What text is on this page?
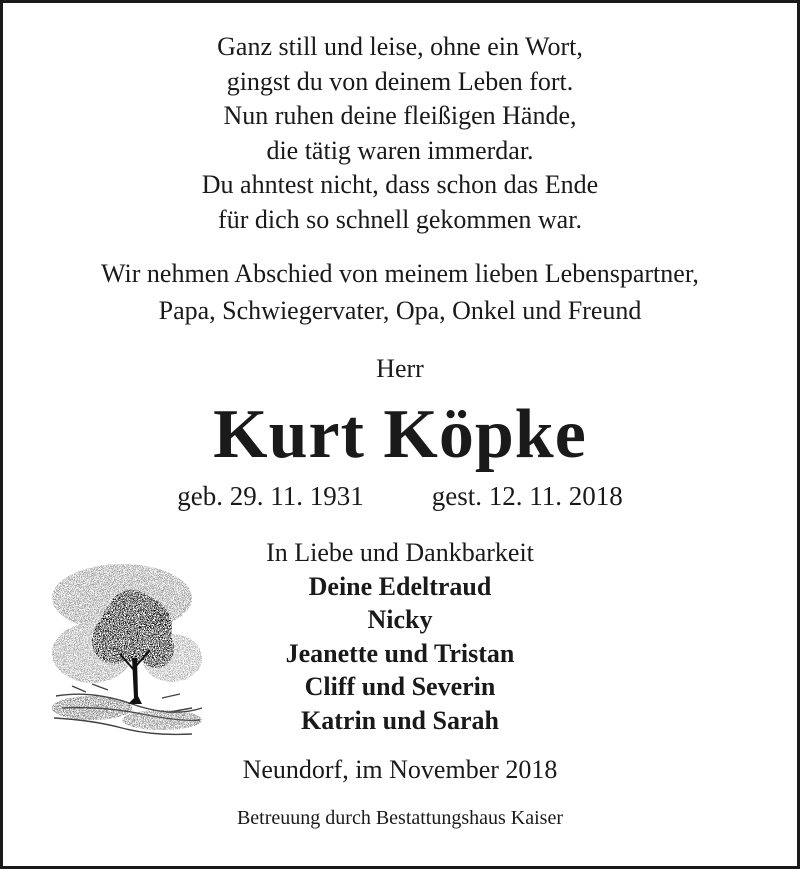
Ganz still und leise, ohne ein Wort,
gingst du von deinem Leben fort.
Nun ruhen deine fleißigen Hände,
die tätig waren immerdar.
Du ahntest nicht, dass schon das Ende
für dich so schnell gekommen war.
Wir nehmen Abschied von meinem lieben Lebenspartner,
Papa, Schwiegervater, Opa, Onkel und Freund
Herr
Kurt Köpke
geb. 29. 11. 1931	gest. 12. 11. 2018
In Liebe und Dankbarkeit
Deine Edeltraud
Nicky
Jeanette und Tristan
Cliff und Severin
Katrin und Sarah
Neundorf, im November 2018
Betreuung durch Bestattungshaus Kaiser
